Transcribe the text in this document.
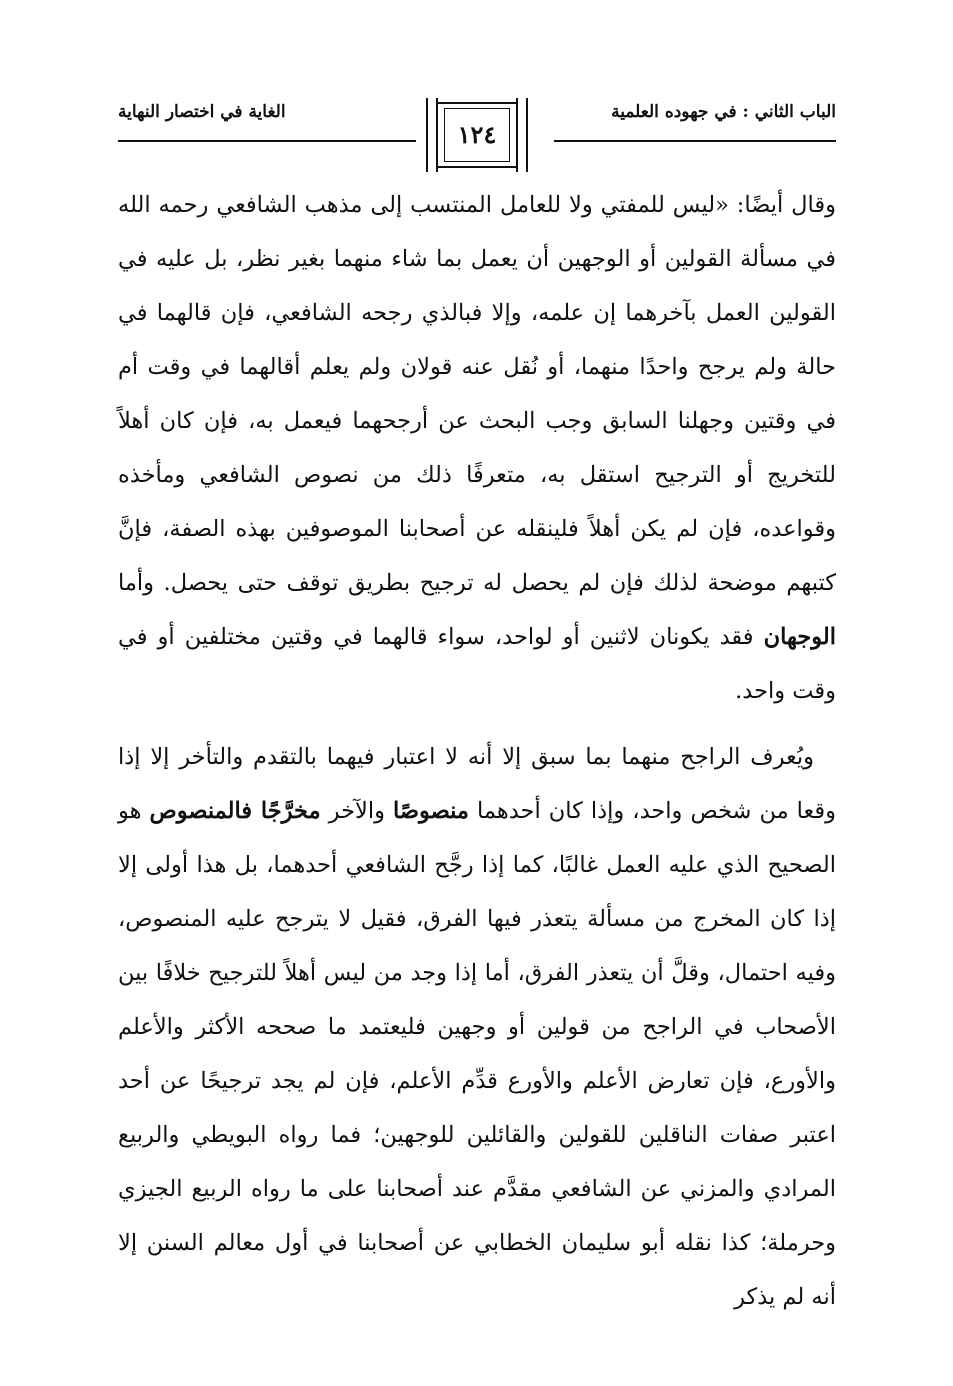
الباب الثاني : في جهوده العلمية
الغاية في اختصار النهاية
١٢٤

وقال أيضًا: «ليس للمفتي ولا للعامل المنتسب إلى مذهب الشافعي رحمه الله في مسألة القولين أو الوجهين أن يعمل بما شاء منهما بغير نظر، بل عليه في القولين العمل بآخرهما إن علمه، وإلا فبالذي رجحه الشافعي، فإن قالهما في حالة ولم يرجح واحدًا منهما، أو نُقل عنه قولان ولم يعلم أقالهما في وقت أم في وقتين وجهلنا السابق وجب البحث عن أرجحهما فيعمل به، فإن كان أهلاً للتخريج أو الترجيح استقل به، متعرفًا ذلك من نصوص الشافعي ومأخذه وقواعده، فإن لم يكن أهلاً فلينقله عن أصحابنا الموصوفين بهذه الصفة، فإنَّ كتبهم موضحة لذلك فإن لم يحصل له ترجيح بطريق توقف حتى يحصل. وأما الوجهان فقد يكونان لاثنين أو لواحد، سواء قالهما في وقتين مختلفين أو في وقت واحد.

ويُعرف الراجح منهما بما سبق إلا أنه لا اعتبار فيهما بالتقدم والتأخر إلا إذا وقعا من شخص واحد، وإذا كان أحدهما منصوصًا والآخر مخرَّجًا فالمنصوص هو الصحيح الذي عليه العمل غالبًا، كما إذا رجَّح الشافعي أحدهما، بل هذا أولى إلا إذا كان المخرج من مسألة يتعذر فيها الفرق، فقيل لا يترجح عليه المنصوص، وفيه احتمال، وقلَّ أن يتعذر الفرق، أما إذا وجد من ليس أهلاً للترجيح خلافًا بين الأصحاب في الراجح من قولين أو وجهين فليعتمد ما صححه الأكثر والأعلم والأورع، فإن تعارض الأعلم والأورع قدِّم الأعلم، فإن لم يجد ترجيحًا عن أحد اعتبر صفات الناقلين للقولين والقائلين للوجهين؛ فما رواه البويطي والربيع المرادي والمزني عن الشافعي مقدَّم عند أصحابنا على ما رواه الربيع الجيزي وحرملة؛ كذا نقله أبو سليمان الخطابي عن أصحابنا في أول معالم السنن إلا أنه لم يذكر
